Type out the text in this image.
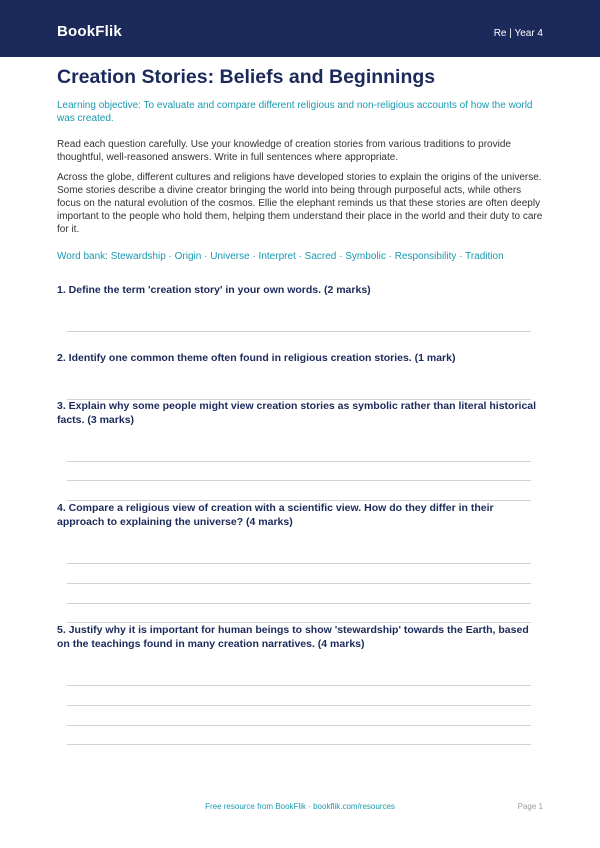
BookFlik	Re | Year 4
Creation Stories: Beliefs and Beginnings
Learning objective: To evaluate and compare different religious and non-religious accounts of how the world was created.
Read each question carefully. Use your knowledge of creation stories from various traditions to provide thoughtful, well-reasoned answers. Write in full sentences where appropriate.
Across the globe, different cultures and religions have developed stories to explain the origins of the universe. Some stories describe a divine creator bringing the world into being through purposeful acts, while others focus on the natural evolution of the cosmos. Ellie the elephant reminds us that these stories are often deeply important to the people who hold them, helping them understand their place in the world and their duty to care for it.
Word bank: Stewardship · Origin · Universe · Interpret · Sacred · Symbolic · Responsibility · Tradition
1. Define the term 'creation story' in your own words. (2 marks)
2. Identify one common theme often found in religious creation stories. (1 mark)
3. Explain why some people might view creation stories as symbolic rather than literal historical facts. (3 marks)
4. Compare a religious view of creation with a scientific view. How do they differ in their approach to explaining the universe? (4 marks)
5. Justify why it is important for human beings to show 'stewardship' towards the Earth, based on the teachings found in many creation narratives. (4 marks)
Free resource from BookFlik · bookflik.com/resources	Page 1
